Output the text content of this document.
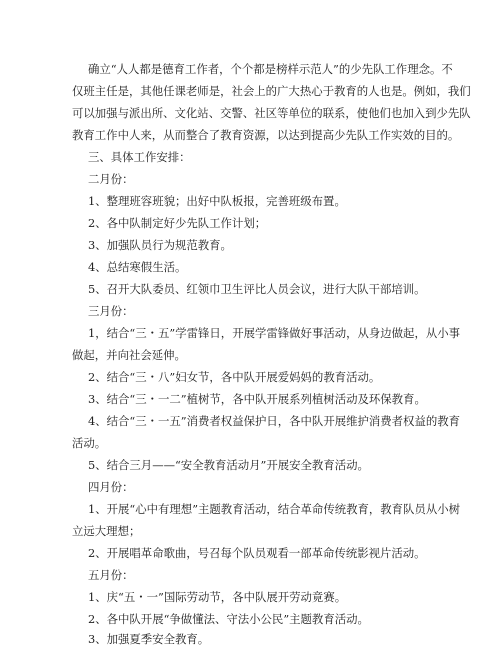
确立“人人都是德育工作者，个个都是榜样示范人”的少先队工作理念。不
仅班主任是，其他任课老师是，社会上的广大热心于教育的人也是。例如，我们
可以加强与派出所、文化站、交警、社区等单位的联系，使他们也加入到少先队
教育工作中人来，从而整合了教育资源，以达到提高少先队工作实效的目的。
三、具体工作安排：
二月份：
1、整理班容班貌；出好中队板报，完善班级布置。
2、各中队制定好少先队工作计划；
3、加强队员行为规范教育。
4、总结寒假生活。
5、召开大队委员、红领巾卫生评比人员会议，进行大队干部培训。
三月份：
1，结合“三・五”学雷锋日，开展学雷锋做好事活动，从身边做起，从小事
做起，并向社会延伸。
2、结合“三・八”妇女节，各中队开展爱妈妈的教育活动。
3、结合“三・一二”植树节，各中队开展系列植树活动及环保教育。
4、结合“三・一五”消费者权益保护日，各中队开展维护消费者权益的教育
活动。
5、结合三月——“安全教育活动月”开展安全教育活动。
四月份：
1、开展“心中有理想”主题教育活动，结合革命传统教育，教育队员从小树
立远大理想；
2、开展唱革命歌曲，号召每个队员观看一部革命传统影视片活动。
五月份：
1、庆“五・一”国际劳动节，各中队展开劳动竟赛。
2、各中队开展“争做懂法、守法小公民”主题教育活动。
3、加强夏季安全教育。
